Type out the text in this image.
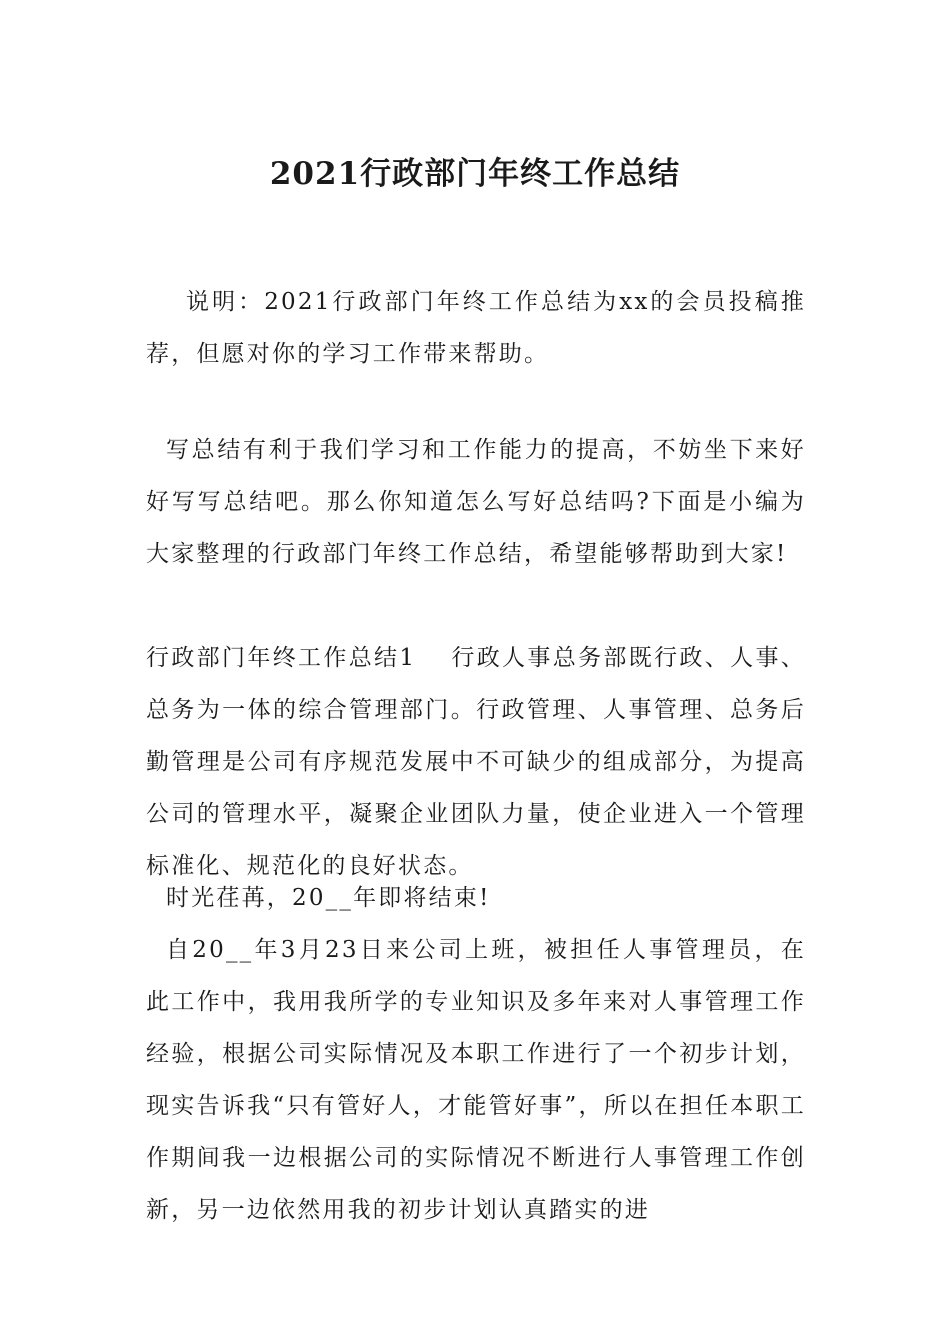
2021行政部门年终工作总结

说明：2021行政部门年终工作总结为xx的会员投稿推荐，但愿对你的学习工作带来帮助。

写总结有利于我们学习和工作能力的提高，不妨坐下来好好写写总结吧。那么你知道怎么写好总结吗?下面是小编为大家整理的行政部门年终工作总结，希望能够帮助到大家!

行政部门年终工作总结1　 行政人事总务部既行政、人事、总务为一体的综合管理部门。行政管理、人事管理、总务后勤管理是公司有序规范发展中不可缺少的组成部分，为提高公司的管理水平，凝聚企业团队力量，使企业进入一个管理标准化、规范化的良好状态。

时光荏苒，20__年即将结束!

自20__年3月23日来公司上班，被担任人事管理员，在此工作中，我用我所学的专业知识及多年来对人事管理工作经验，根据公司实际情况及本职工作进行了一个初步计划，现实告诉我“只有管好人，才能管好事”，所以在担任本职工作期间我一边根据公司的实际情况不断进行人事管理工作创新，另一边依然用我的初步计划认真踏实的进
